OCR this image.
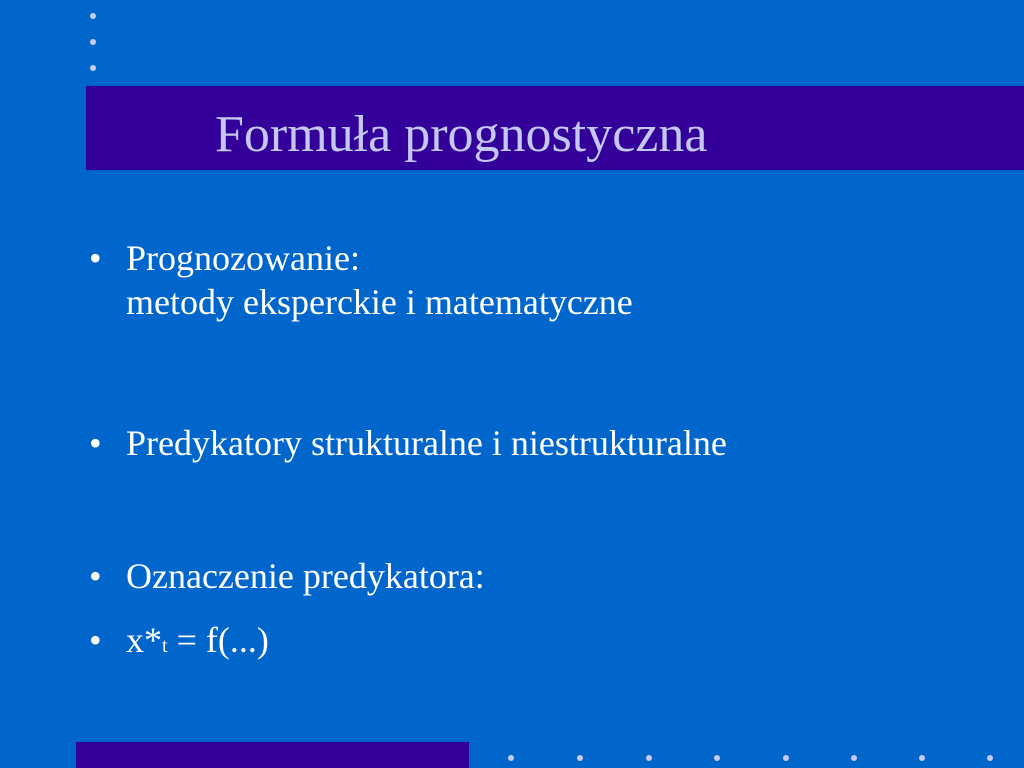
Formuła prognostyczna
• Prognozowanie:
metody eksperckie i matematyczne
• Predykatory strukturalne i niestrukturalne
• Oznaczenie predykatora:
• x*t = f(...)
